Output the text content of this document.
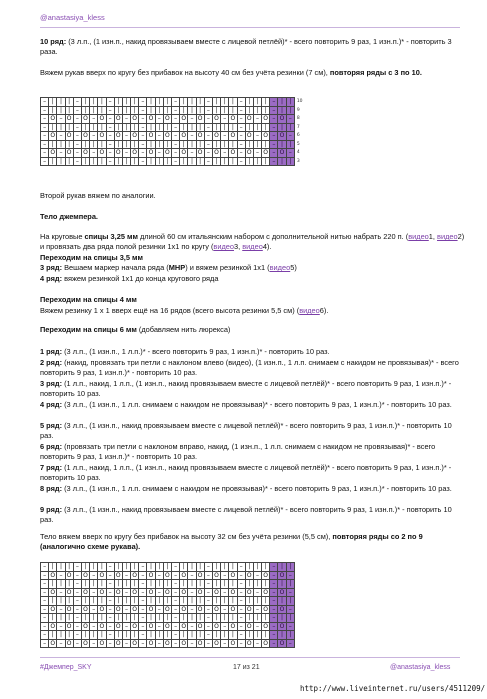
@anastasiya_kless

10 ряд: (3 л.п., (1 изн.п., накид провязываем вместе с лицевой петлёй)* - всего повторить 9 раз, 1 изн.п.)* - повторить 3 раза.

Вяжем рукав вверх по кругу без прибавок на высоту 40 см без учёта резинки (7 см), повторяя ряды с 3 по 10.

–	|	|	|	–	|	|	|	–	|	|	|	–	|	|	|	–	|	|	|	–	|	|	|	–	|	|	|	–	|	|	10
–	|	|	|	–	|	|	|	–	|	|	|	–	|	|	|	–	|	|	|	–	|	|	|	–	|	|	|	–	|	|	9
–	O	–	O	–	O	–	O	–	O	–	O	–	O	–	O	–	O	–	O	–	O	–	O	–	O	–	O	–	O	–	8
–	|	|	|	–	|	|	|	–	|	|	|	–	|	|	|	–	|	|	|	–	|	|	|	–	|	|	|	–	|	|	7
–	O	–	O	–	O	–	O	–	O	–	O	–	O	–	O	–	O	–	O	–	O	–	O	–	O	–	O	–	O	–	6
–	|	|	|	–	|	|	|	–	|	|	|	–	|	|	|	–	|	|	|	–	|	|	|	–	|	|	|	–	|	|	5
–	O	–	O	–	O	–	O	–	O	–	O	–	O	–	O	–	O	–	O	–	O	–	O	–	O	–	O	–	O	–	4
–	|	|	|	–	|	|	|	–	|	|	|	–	|	|	|	–	|	|	|	–	|	|	|	–	|	|	|	–	|	|	3

Второй рукав вяжем по аналогии.

Тело джемпера.

На круговые спицы 3,25 мм длиной 60 см итальянским набором с дополнительной нитью набрать 220 п. (видео1, видео2) и провязать два ряда полой резинки 1х1 по кругу (видео3, видео4).

Переходим на спицы 3,5 мм

3 ряд: Вешаем маркер начала ряда (МНР) и вяжем резинкой 1х1 (видео5)

4 ряд: вяжем резинкой 1х1 до конца кругового ряда

Переходим на спицы 4 мм

Вяжем резинку 1 х 1 вверх ещё на 16 рядов (всего высота резинки 5,5 см) (видео6).

Переходим на спицы 6 мм (добавляем нить люрекса)

1 ряд: (3 л.п., (1 изн.п., 1 л.п.)* - всего повторить 9 раз, 1 изн.п.)* - повторить 10 раз.

2 ряд: (накид, провязать три петли с наклоном влево (видео), (1 изн.п., 1 л.п. снимаем с накидом не провязывая)* - всего повторить 9 раз, 1 изн.п.)* - повторить 10 раз.

3 ряд: (1 л.п., накид, 1 л.п., (1 изн.п., накид провязываем вместе с лицевой петлёй)* - всего повторить 9 раз, 1 изн.п.)* - повторить 10 раз.

4 ряд: (3 л.п., (1 изн.п., 1 л.п. снимаем с накидом не провязывая)* - всего повторить 9 раз, 1 изн.п.)* - повторить 10 раз.

5 ряд: (3 л.п., (1 изн.п., накид провязываем вместе с лицевой петлёй)* - всего повторить 9 раз, 1 изн.п.)* - повторить 10 раз.

6 ряд: (провязать три петли с наклоном вправо, накид, (1 изн.п., 1 л.п. снимаем с накидом не провязывая)* - всего повторить 9 раз, 1 изн.п.)* - повторить 10 раз.

7 ряд: (1 л.п., накид, 1 л.п., (1 изн.п., накид провязываем вместе с лицевой петлёй)* - всего повторить 9 раз, 1 изн.п.)* - повторить 10 раз.

8 ряд: (3 л.п., (1 изн.п., 1 л.п. снимаем с накидом не провязывая)* - всего повторить 9 раз, 1 изн.п.)* - повторить 10 раз.

9 ряд: (3 л.п., (1 изн.п., накид провязываем вместе с лицевой петлёй)* - всего повторить 9 раз, 1 изн.п.)* - повторить 10 раз.

Тело вяжем вверх по кругу без прибавок на высоту 32 см без учёта резинки (5,5 см), повторяя ряды со 2 по 9 (аналогично схеме рукава).

–	|	|	|	–	|	|	|	–	|	|	|	–	|	|	|	–	|	|	|	–	|	|	|	–	|	|	|	–	|	|
–	O	–	O	–	O	–	O	–	O	–	O	–	O	–	O	–	O	–	O	–	O	–	O	–	O	–	O	–	O	–
–	|	|	|	–	|	|	|	–	|	|	|	–	|	|	|	–	|	|	|	–	|	|	|	–	|	|	|	–	|	|
–	O	–	O	–	O	–	O	–	O	–	O	–	O	–	O	–	O	–	O	–	O	–	O	–	O	–	O	–	O	–
–	|	|	|	–	|	|	|	–	|	|	|	–	|	|	|	–	|	|	|	–	|	|	|	–	|	|	|	–	|	|
–	O	–	O	–	O	–	O	–	O	–	O	–	O	–	O	–	O	–	O	–	O	–	O	–	O	–	O	–	O	–
–	|	|	|	–	|	|	|	–	|	|	|	–	|	|	|	–	|	|	|	–	|	|	|	–	|	|	|	–	|	|
–	O	–	O	–	O	–	O	–	O	–	O	–	O	–	O	–	O	–	O	–	O	–	O	–	O	–	O	–	O	–
–	|	|	|	–	|	|	|	–	|	|	|	–	|	|	|	–	|	|	|	–	|	|	|	–	|	|	|	–	|	|
–	O	–	O	–	O	–	O	–	O	–	O	–	O	–	O	–	O	–	O	–	O	–	O	–	O	–	O	–	O	–
#Джемпер_SKY	17 из 21	@anastasiya_kless
http://www.liveinternet.ru/users/4511209/
